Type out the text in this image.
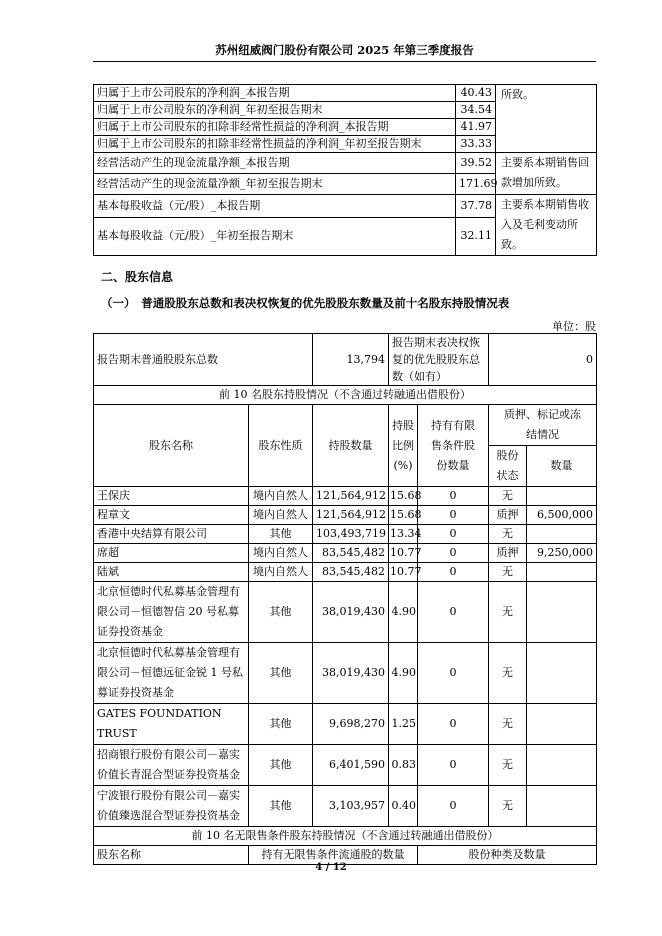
苏州纽威阀门股份有限公司 2025 年第三季度报告
归属于上市公司股东的净利润_本报告期	40.43	所致。
归属于上市公司股东的净利润_年初至报告期末	34.54	
归属于上市公司股东的扣除非经常性损益的净利润_本报告期	41.97	
归属于上市公司股东的扣除非经常性损益的净利润_年初至报告期末	33.33	
经营活动产生的现金流量净额_本报告期	39.52	主要系本期销售回款增加所致。
经营活动产生的现金流量净额_年初至报告期末	171.69	
基本每股收益（元/股）_本报告期	37.78	主要系本期销售收入及毛利变动所致。
基本每股收益（元/股）_年初至报告期末	32.11	
二、股东信息
（一）　普通股股东总数和表决权恢复的优先股股东数量及前十名股东持股情况表
单位：股
报告期末普通股股东总数		13,794	报告期末表决权恢复的优先股股东总数（如有）		0	
前 10 名股东持股情况（不含通过转融通出借股份）						
股东名称	股东性质	持股数量	持股比例(%)	持有有限售条件股份数量	质押、标记或冻结情况	
					股份状态	数量
王保庆	境内自然人	121,564,912	15.68	0	无	
程章文	境内自然人	121,564,912	15.68	0	质押	6,500,000
香港中央结算有限公司	其他	103,493,719	13.34	0	无	
席超	境内自然人	83,545,482	10.77	0	质押	9,250,000
陆斌	境内自然人	83,545,482	10.77	0	无	
北京恒德时代私募基金管理有限公司－恒德智信 20 号私募证券投资基金	其他	38,019,430	4.90	0	无	
北京恒德时代私募基金管理有限公司－恒德远征金锐 1 号私募证券投资基金	其他	38,019,430	4.90	0	无	
GATES FOUNDATION TRUST	其他	9,698,270	1.25	0	无	
招商银行股份有限公司－嘉实价值长青混合型证券投资基金	其他	6,401,590	0.83	0	无	
宁波银行股份有限公司－嘉实价值臻选混合型证券投资基金	其他	3,103,957	0.40	0	无	
前 10 名无限售条件股东持股情况（不含通过转融通出借股份）						
股东名称	持有无限售条件流通股的数量			股份种类及数量		
4 / 12
